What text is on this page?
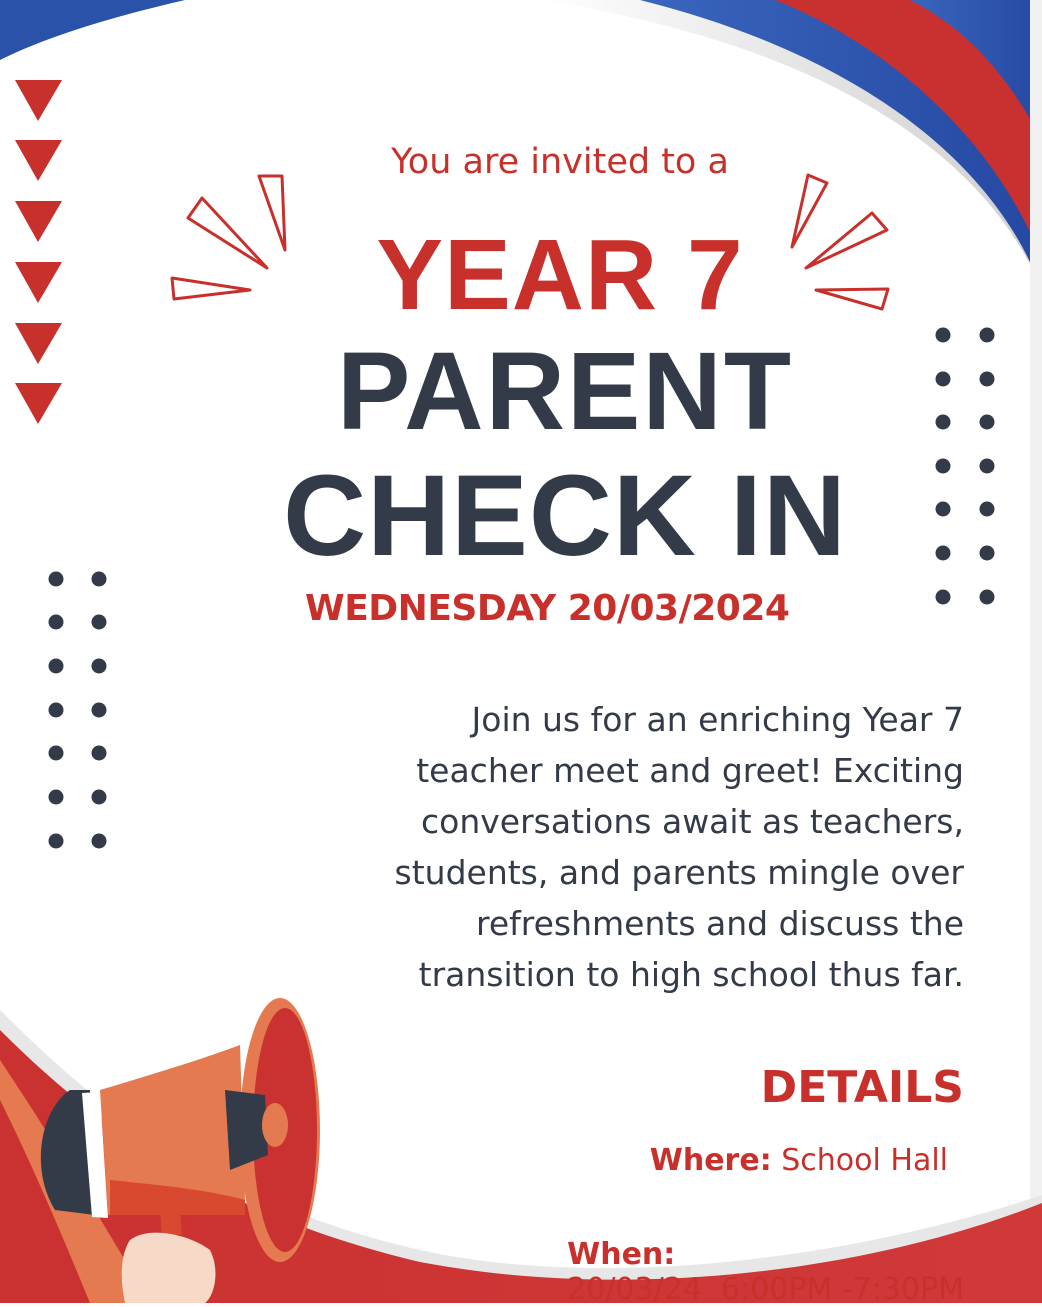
You are invited to a

YEAR 7

PARENT

CHECK IN

WEDNESDAY 20/03/2024

Join us for an enriching Year 7
teacher meet and greet! Exciting
conversations await as teachers,
students, and parents mingle over
refreshments and discuss the
transition to high school thus far.

DETAILS

Where: School Hall

When:
20/03/24  6:00PM -7:30PM
